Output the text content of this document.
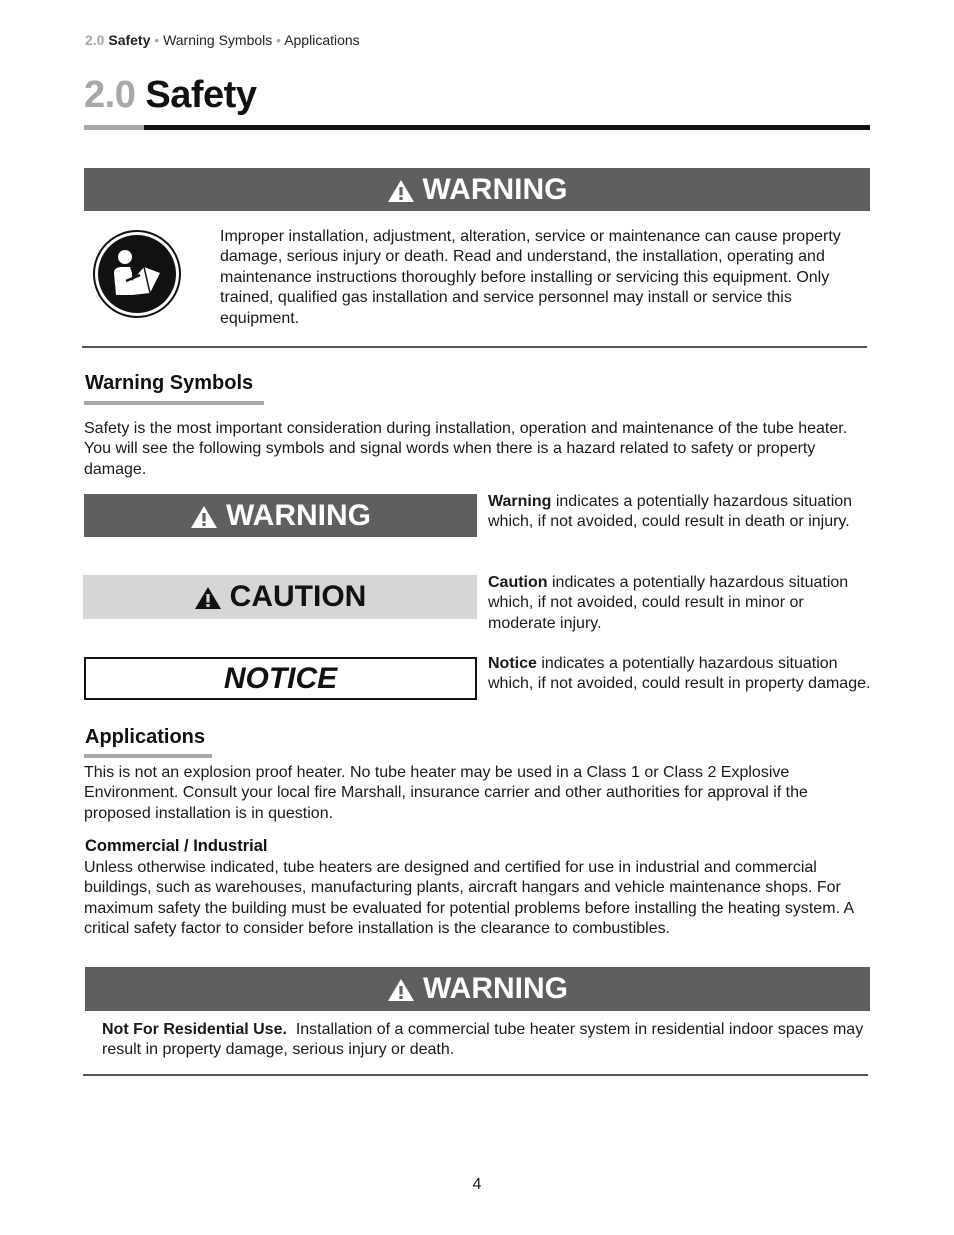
2.0 Safety • Warning Symbols • Applications
2.0 Safety
WARNING
Improper installation, adjustment, alteration, service or maintenance can cause property damage, serious injury or death. Read and understand, the installation, operating and maintenance instructions thoroughly before installing or servicing this equipment. Only trained, qualified gas installation and service personnel may install or service this equipment.
Warning Symbols
Safety is the most important consideration during installation, operation and maintenance of the tube heater. You will see the following symbols and signal words when there is a hazard related to safety or property damage.
WARNING	Warning indicates a potentially hazardous situation which, if not avoided, could result in death or injury.
CAUTION	Caution indicates a potentially hazardous situation which, if not avoided, could result in minor or moderate injury.
NOTICE	Notice indicates a potentially hazardous situation which, if not avoided, could result in property damage.
Applications
This is not an explosion proof heater. No tube heater may be used in a Class 1 or Class 2 Explosive Environment. Consult your local fire Marshall, insurance carrier and other authorities for approval if the proposed installation is in question.
Commercial / Industrial
Unless otherwise indicated, tube heaters are designed and certified for use in industrial and commercial buildings, such as warehouses, manufacturing plants, aircraft hangars and vehicle maintenance shops. For maximum safety the building must be evaluated for potential problems before installing the heating system. A critical safety factor to consider before installation is the clearance to combustibles.
WARNING
Not For Residential Use.  Installation of a commercial tube heater system in residential indoor spaces may result in property damage, serious injury or death.
4
